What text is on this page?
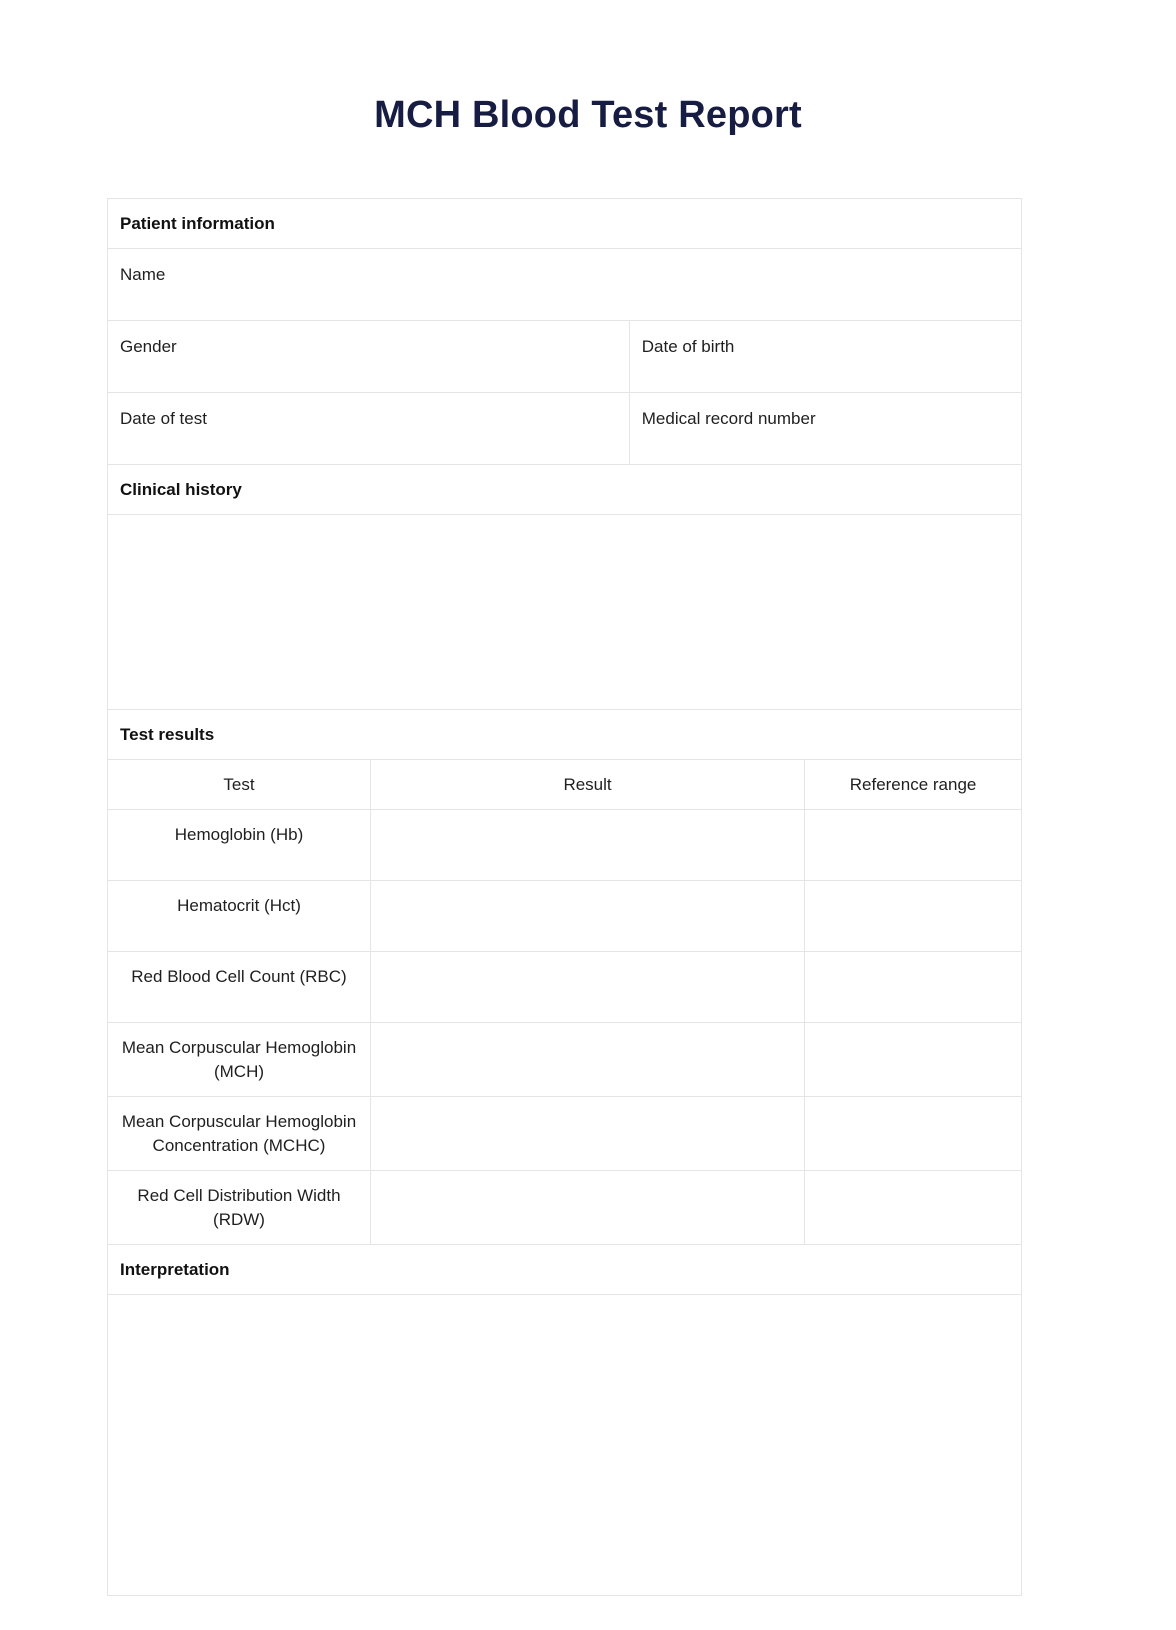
MCH Blood Test Report
Patient information
Name
Gender	Date of birth
Date of test	Medical record number
Clinical history
Test results
Test	Result	Reference range
Hemoglobin (Hb)		
Hematocrit (Hct)		
Red Blood Cell Count (RBC)		
Mean Corpuscular Hemoglobin (MCH)		
Mean Corpuscular Hemoglobin Concentration (MCHC)		
Red Cell Distribution Width (RDW)		
Interpretation
